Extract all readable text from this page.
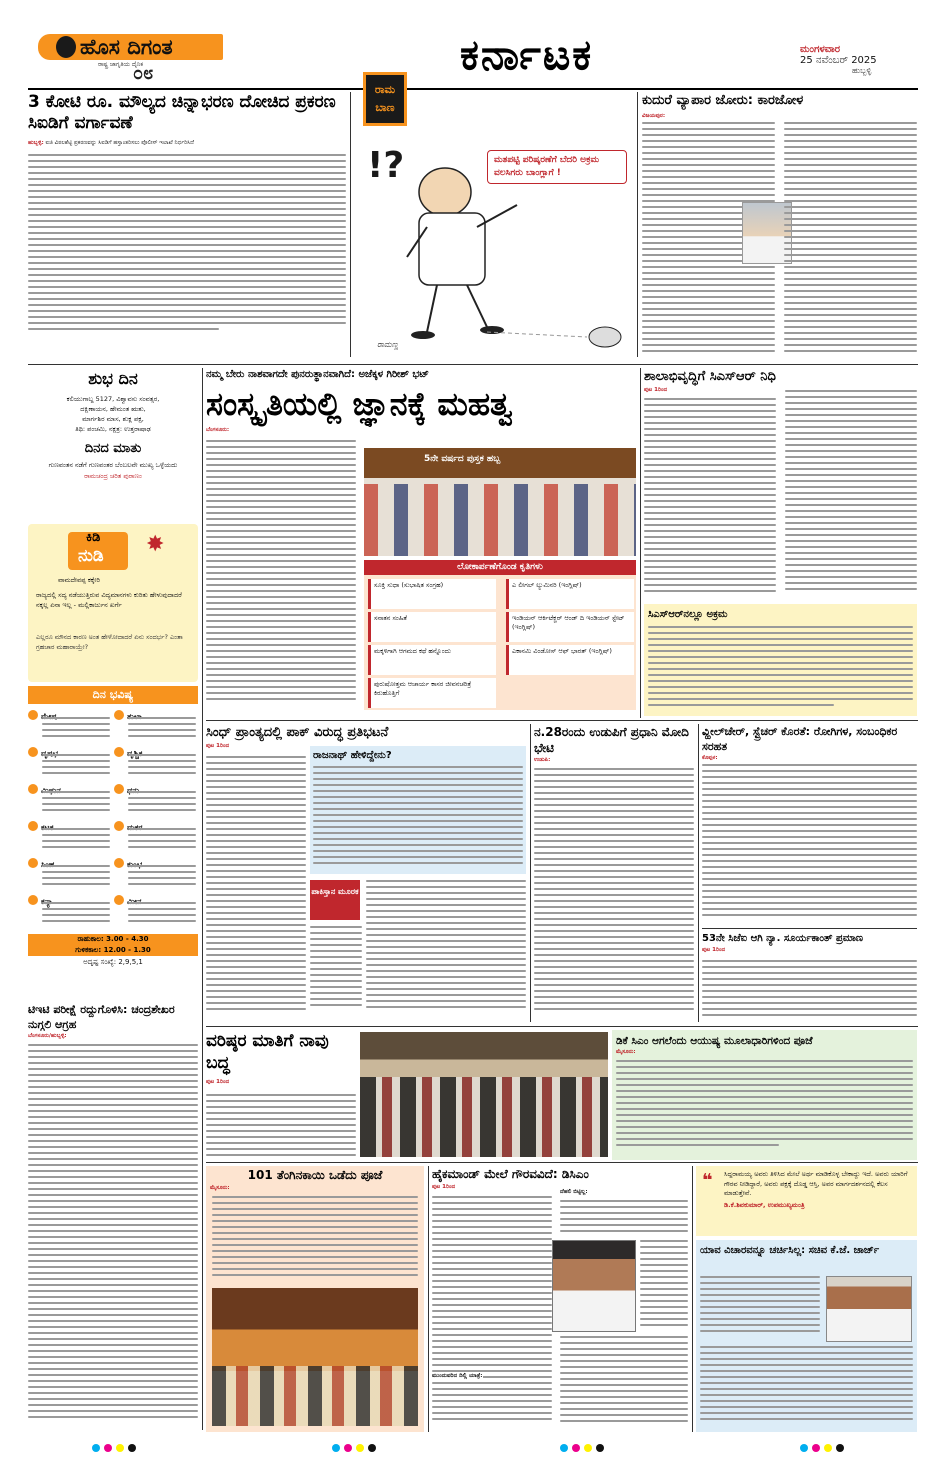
ಹೊಸ ದಿಗಂತ
ರಾಷ್ಟ್ರ ಜಾಗೃತಿಯ ದೈನಿಕ
೦೮	ಕರ್ನಾಟಕ	ಮಂಗಳವಾರ
25 ನವೆಂಬರ್ 2025
ಹುಬ್ಬಳ್ಳಿ
3 ಕೋಟಿ ರೂ. ಮೌಲ್ಯದ ಚಿನ್ನಾಭರಣ ದೋಚಿದ ಪ್ರಕರಣ ಸಿಐಡಿಗೆ ವರ್ಗಾವಣೆ
ಹುಬ್ಬಳ್ಳಿ: ಐಜಿ ವಿಠಲಶೆಟ್ಟಿ ಪ್ರಕರಣವನ್ನು ಸಿಐಡಿಗೆ ಹಸ್ತಾಂತರಿಸಲು ಪೊಲೀಸ್ ಇಲಾಖೆ ನಿರ್ಧರಿಸಿದೆ
ರಾಮ ಬಾಣ
ಮತಪಟ್ಟಿ ಪರಿಷ್ಕರಣೆಗೆ ಬೆದರಿ ಅಕ್ರಮ ವಲಸಿಗರು ಬಾಂಗ್ಲಾಗೆ !
!?
ರಾಮಣ್ಣ
ಕುದುರೆ ವ್ಯಾಪಾರ ಜೋರು: ಕಾರಜೋಳ
ವಿಜಯಪುರ:
ಶುಭ ದಿನ
ಕಲಿಯುಗಾಬ್ದ 5127, ವಿಶ್ವಾವಸು ಸಂವತ್ಸರ,
ದಕ್ಷಿಣಾಯನ, ಹೇಮಂತ ಋತು,
ಮಾರ್ಗಶಿರ ಮಾಸ, ಶುಕ್ಲ ಪಕ್ಷ,
ತಿಥಿ: ಪಂಚಮಿ, ನಕ್ಷತ್ರ: ಉತ್ತರಾಷಾಢ
ದಿನದ ಮಾತು
ಗುಣವಂತನ ನಡೆಗೆ ಗುಣವಂತರ ಬೆಂಬಲವೇ ಮುಖ್ಯ ಒಳ್ಳೆಯದು
ರಾಮಚಂದ್ರ ಚರಿತ ಪುರಾಣಂ
ಕಿಡಿ
ನುಡಿ ✸
ವಾಮದೇವಪ್ಪ ಕಕ್ಕೇರಿ
ರಾಜ್ಯದಲ್ಲಿ ಸದ್ಯ ನಡೆಯುತ್ತಿರುವ ವಿದ್ಯಮಾನಗಳು ಕುರಿತು ಹೇಳುವುದಾದರೆ ನಕ್ಕಲ್ಲ ಏನಾ ಇಲ್ಲ - ಮಲ್ಲಿಕಾರ್ಜುನ ಖರ್ಗೆ
ಎಲ್ಲರೂ ಮೌನದ ಕಾರಣ ಅಂತ ಹೇಳೋದಾದರೆ ಏನು ಸಂದರ್ಭ? ಎಂತಾ ಗ್ರಹಚಾರ ಮಹಾರಾಯ್ರೇ?
ದಿನ ಭವಿಷ್ಯ
ರಾಹುಕಾಲ: 3.00 - 4.30
ಗುಳಿಕಕಾಲ: 12.00 - 1.30
ಅದೃಷ್ಟ ಸಂಖ್ಯೆ: 2,9,5,1
ಟಿಇಟಿ ಪರೀಕ್ಷೆ ರದ್ದುಗೊಳಿಸಿ: ಚಂದ್ರಶೇಖರ ನುಗ್ಗಲಿ ಆಗ್ರಹ
ಬೆಂಗಳೂರು/ಹುಬ್ಬಳ್ಳಿ:
ನಮ್ಮ ಬೇರು ನಾಶವಾಗದೇ ಪುನರುತ್ಥಾನವಾಗಿದೆ: ಅಜೆಕ್ಕಳ ಗಿರೀಶ್ ಭಟ್
ಸಂಸ್ಕೃತಿಯಲ್ಲಿ ಜ್ಞಾನಕ್ಕೆ ಮಹತ್ವ
ಬೆಂಗಳೂರು:
5ನೇ ವರ್ಷದ ಪುಸ್ತಕ ಹಬ್ಬ
ಲೋಕಾರ್ಪಣೆಗೊಂಡ ಕೃತಿಗಳು
ಸೂಕ್ತಿ ಸುಧಾ (ಸುಭಾಷಿತ ಸಂಗ್ರಹ)
ಸನಾತನ ಸಂಹಿತೆ
ಮಕ್ಕಳಿಗಾಗಿ ಆಗಮದ ಕಥೆ ಹನ್ನೊಂದು
ಪುರುಷೋತ್ತಮ ಆಚಾರ್ಯ ಕಾಸರ ಜೀವನಚರಿತ್ರೆ ಕಿರುಹೊತ್ತಿಗೆ
ಎ ಲೀಗಲ್ ಲ್ಯುಮಿನರಿ (ಇಂಗ್ಲಿಷ್)
ಇಂಡಿಯನ್ ಆರ್ಕಿಟೆಕ್ಚರ್ ಆಂಡ್ ದಿ ಇಂಡಿಯನ್ ಸ್ಟೇಟ್ (ಇಂಗ್ಲಿಷ್)
ಎಕಾನಮಿ ವಿಂಡೋಸ್ ಆಫ್ ಭಾರತ್ (ಇಂಗ್ಲಿಷ್)
ಶಾಲಾಭಿವೃದ್ಧಿಗೆ ಸಿಎಸ್ಆರ್ ನಿಧಿ
ಪುಟ 1ರಿಂದ
ಸಿಎಸ್ಆರ್‌ನಲ್ಲೂ ಅಕ್ರಮ
ಸಿಂಧ್ ಪ್ರಾಂತ್ಯದಲ್ಲಿ ಪಾಕ್ ವಿರುದ್ಧ ಪ್ರತಿಭಟನೆ
ಪುಟ 1ರಿಂದ
ರಾಜನಾಥ್ ಹೇಳಿದ್ದೇನು?
ಪಾಕಿಸ್ತಾನ ಮೂರಕ
ನ.28ರಂದು ಉಡುಪಿಗೆ ಪ್ರಧಾನಿ ಮೋದಿ ಭೇಟಿ
ಉಡುಪಿ:
ವ್ಹೀಲ್‌ಚೇರ್, ಸ್ಟ್ರೆಚರ್ ಕೊರತೆ: ರೋಗಿಗಳ, ಸಂಬಂಧಿಕರ ಸರಹತ
ಕೊಪ್ಪಳ:
53ನೇ ಸಿಜೆಐ ಆಗಿ ನ್ಯಾ. ಸೂರ್ಯಕಾಂತ್ ಪ್ರಮಾಣ
ಪುಟ 1ರಿಂದ
ವರಿಷ್ಠರ ಮಾತಿಗೆ ನಾವು ಬದ್ಧ
ಪುಟ 1ರಿಂದ
ಡಿಕೆ ಸಿಎಂ ಆಗಲೆಂದು ಆಯುಷ್ಯ ಮೂಲಾಧಾರಿಗಳಿಂದ ಪೂಜೆ
ಮೈಸೂರು:
101 ತೆಂಗಿನಕಾಯಿ ಒಡೆದು ಪೂಜೆ
ಮೈಸೂರು:
ಹೈಕಮಾಂಡ್ ಮೇಲೆ ಗೌರವವಿದೆ: ಡಿಸಿಎಂ
ಪುಟ 1ರಿಂದ
ದೆಹಲಿ ಬಿಟ್ಟಿಲ್ಲ:
ಮುಂದುವರಿದ ದಿಲ್ಲಿ ಯಾತ್ರೆ:
❝ ಸಿದ್ದರಾಮಯ್ಯ ಅವರು ತಿಳಿಸಿದ ಮೇಲೆ ಅರ್ಥ ಮಾಡಿಕೊಳ್ಳ ಬೇಕಾದ್ದು ಇದೆ. ಅವರು ಯಾರಿಗೆ ಗೌರವ ನೀಡಿದ್ದಾರೆ, ಅವರು ಪಕ್ಷಕ್ಕೆ ದೊಡ್ಡ ಆಸ್ತಿ, ಅವರ ಮಾರ್ಗದರ್ಶನದಲ್ಲಿ ಕೆಲಸ ಮಾಡುತ್ತೇವೆ.
ಡಿ.ಕೆ.ಶಿವಕುಮಾರ್, ಉಪಮುಖ್ಯಮಂತ್ರಿ
ಯಾವ ವಿಚಾರವನ್ನೂ ಚರ್ಚಿಸಿಲ್ಲ: ಸಚಿವ ಕೆ.ಜೆ. ಜಾರ್ಜ್
